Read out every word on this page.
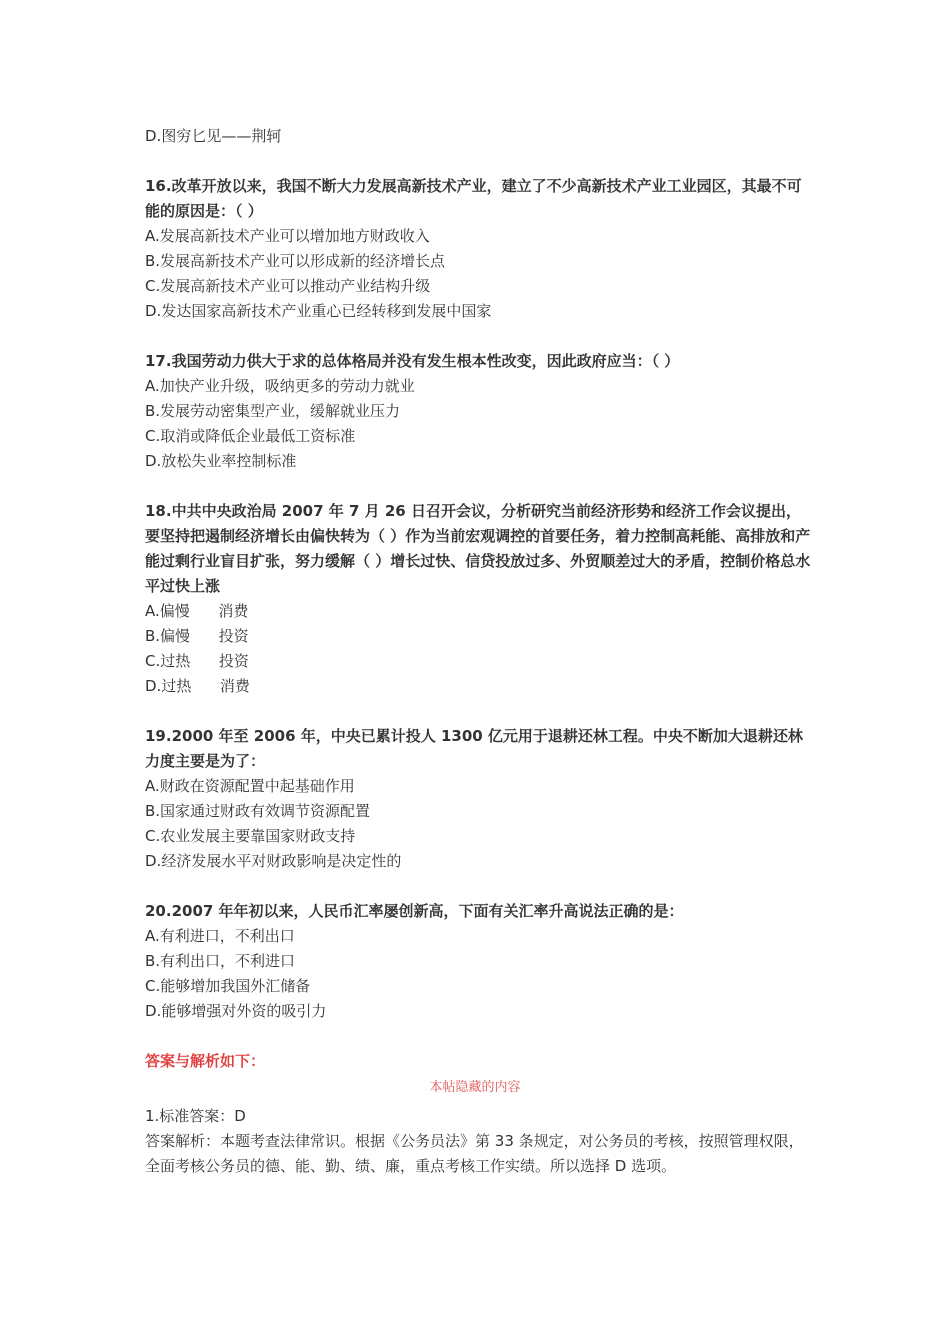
D.图穷匕见——荆轲
16.改革开放以来，我国不断大力发展高新技术产业，建立了不少高新技术产业工业园区，其最不可能的原因是：（ ）
A.发展高新技术产业可以增加地方财政收入
B.发展高新技术产业可以形成新的经济增长点
C.发展高新技术产业可以推动产业结构升级
D.发达国家高新技术产业重心已经转移到发展中国家
17.我国劳动力供大于求的总体格局并没有发生根本性改变，因此政府应当：（ ）
A.加快产业升级，吸纳更多的劳动力就业
B.发展劳动密集型产业，缓解就业压力
C.取消或降低企业最低工资标准
D.放松失业率控制标准
18.中共中央政治局 2007 年 7 月 26 日召开会议，分析研究当前经济形势和经济工作会议提出，要坚持把遏制经济增长由偏快转为（ ）作为当前宏观调控的首要任务，着力控制高耗能、高排放和产能过剩行业盲目扩张，努力缓解（ ）增长过快、信贷投放过多、外贸顺差过大的矛盾，控制价格总水平过快上涨
A.偏慢      消费
B.偏慢      投资
C.过热      投资
D.过热      消费
19.2000 年至 2006 年，中央已累计投人 1300 亿元用于退耕还林工程。中央不断加大退耕还林力度主要是为了：
A.财政在资源配置中起基础作用
B.国家通过财政有效调节资源配置
C.农业发展主要靠国家财政支持
D.经济发展水平对财政影响是决定性的
20.2007 年年初以来，人民币汇率屡创新高，下面有关汇率升高说法正确的是：
A.有利进口，不利出口
B.有利出口，不利进口
C.能够增加我国外汇储备
D.能够增强对外资的吸引力
答案与解析如下：
本帖隐藏的内容
1.标准答案：D
答案解析：本题考查法律常识。根据《公务员法》第 33 条规定，对公务员的考核，按照管理权限，全面考核公务员的德、能、勤、绩、廉，重点考核工作实绩。所以选择 D 选项。
